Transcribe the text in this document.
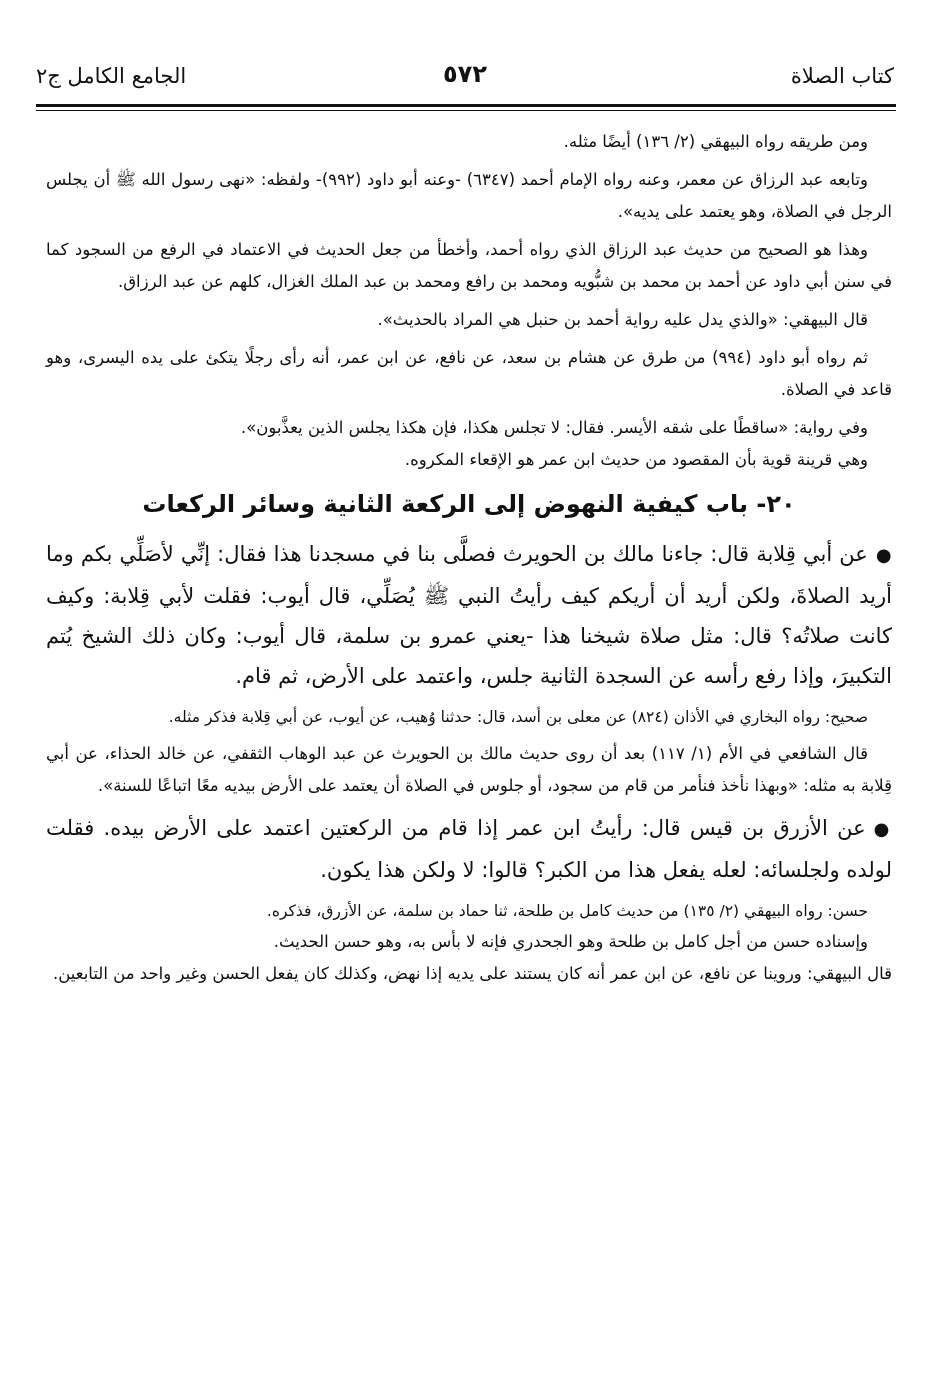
الجامع الكامل ج٢	٥٧٢	كتاب الصلاة

ومن طريقه رواه البيهقي (٢/ ١٣٦) أيضًا مثله.

وتابعه عبد الرزاق عن معمر، وعنه رواه الإمام أحمد (٦٣٤٧) -وعنه أبو داود (٩٩٢)- ولفظه: «نهى رسول الله ﷺ أن يجلس الرجل في الصلاة، وهو يعتمد على يديه».

وهذا هو الصحيح من حديث عبد الرزاق الذي رواه أحمد، وأخطأ من جعل الحديث في الاعتماد في الرفع من السجود كما في سنن أبي داود عن أحمد بن محمد بن شبُّويه ومحمد بن رافع ومحمد بن عبد الملك الغزال، كلهم عن عبد الرزاق.

قال البيهقي: «والذي يدل عليه رواية أحمد بن حنبل هي المراد بالحديث».

ثم رواه أبو داود (٩٩٤) من طرق عن هشام بن سعد، عن نافع، عن ابن عمر، أنه رأى رجلًا يتكئ على يده اليسرى، وهو قاعد في الصلاة.

وفي رواية: «ساقطًا على شقه الأيسر. فقال: لا تجلس هكذا، فإن هكذا يجلس الذين يعذَّبون».

وهي قرينة قوية بأن المقصود من حديث ابن عمر هو الإقعاء المكروه.

٢٠- باب كيفية النهوض إلى الركعة الثانية وسائر الركعات

●عن أبي قِلابة قال: جاءنا مالك بن الحويرث فصلَّى بنا في مسجدنا هذا فقال: إنِّي لأصَلِّي بكم وما أريد الصلاةَ، ولكن أريد أن أريكم كيف رأيتُ النبي ﷺ يُصَلِّي، قال أيوب: فقلت لأبي قِلابة: وكيف كانت صلاتُه؟ قال: مثل صلاة شيخنا هذا -يعني عمرو بن سلمة، قال أيوب: وكان ذلك الشيخ يُتم التكبيرَ، وإذا رفع رأسه عن السجدة الثانية جلس، واعتمد على الأرض، ثم قام.

صحيح: رواه البخاري في الأذان (٨٢٤) عن معلى بن أسد، قال: حدثنا وُهيب، عن أيوب، عن أبي قِلابة فذكر مثله.

قال الشافعي في الأم (١/ ١١٧) بعد أن روى حديث مالك بن الحويرث عن عبد الوهاب الثقفي، عن خالد الحذاء، عن أبي قِلابة به مثله: «وبهذا نأخذ فنأمر من قام من سجود، أو جلوس في الصلاة أن يعتمد على الأرض بيديه معًا اتباعًا للسنة».

●عن الأزرق بن قيس قال: رأيتُ ابن عمر إذا قام من الركعتين اعتمد على الأرض بيده. فقلت لولده ولجلسائه: لعله يفعل هذا من الكبر؟ قالوا: لا ولكن هذا يكون.

حسن: رواه البيهقي (٢/ ١٣٥) من حديث كامل بن طلحة، ثنا حماد بن سلمة، عن الأزرق، فذكره.

وإسناده حسن من أجل كامل بن طلحة وهو الجحدري فإنه لا بأس به، وهو حسن الحديث.

قال البيهقي: وروينا عن نافع، عن ابن عمر أنه كان يستند على يديه إذا نهض، وكذلك كان يفعل الحسن وغير واحد من التابعين.
